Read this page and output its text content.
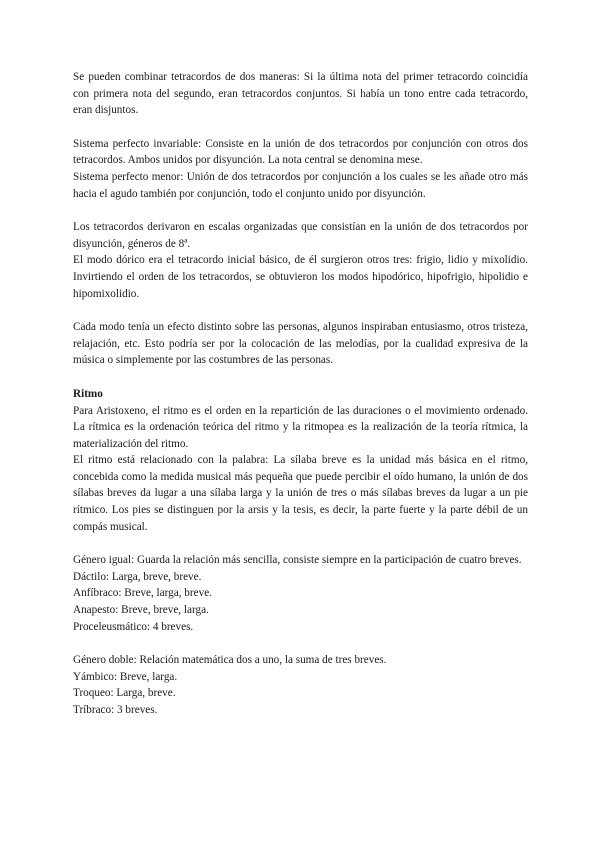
Se pueden combinar tetracordos de dos maneras: Si la última nota del primer tetracordo coincidía con primera nota del segundo, eran tetracordos conjuntos. Si había un tono entre cada tetracordo, eran disjuntos.

Sistema perfecto invariable: Consiste en la unión de dos tetracordos por conjunción con otros dos tetracordos. Ambos unidos por disyunción. La nota central se denomina mese.

Sistema perfecto menor: Unión de dos tetracordos por conjunción a los cuales se les añade otro más hacia el agudo también por conjunción, todo el conjunto unido por disyunción.

Los tetracordos derivaron en escalas organizadas que consistían en la unión de dos tetracordos por disyunción, géneros de 8ª.

El modo dórico era el tetracordo inicial básico, de él surgieron otros tres: frigio, lidio y mixolidio. Invirtiendo el orden de los tetracordos, se obtuvieron los modos hipodórico, hipofrigio, hipolidio e hipomixolidio.

Cada modo tenía un efecto distinto sobre las personas, algunos inspiraban entusiasmo, otros tristeza, relajación, etc. Esto podría ser por la colocación de las melodías, por la cualidad expresiva de la música o simplemente por las costumbres de las personas.

Ritmo

Para Aristoxeno, el ritmo es el orden en la repartición de las duraciones o el movimiento ordenado. La rítmica es la ordenación teórica del ritmo y la ritmopea es la realización de la teoría rítmica, la materialización del ritmo.

El ritmo está relacionado con la palabra: La sílaba breve es la unidad más básica en el ritmo, concebida como la medida musical más pequeña que puede percibir el oído humano, la unión de dos sílabas breves da lugar a una sílaba larga y la unión de tres o más sílabas breves da lugar a un pie rítmico. Los pies se distinguen por la arsis y la tesis, es decir, la parte fuerte y la parte débil de un compás musical.

Género igual: Guarda la relación más sencilla, consiste siempre en la participación de cuatro breves.

Dáctilo: Larga, breve, breve.

Anfíbraco: Breve, larga, breve.

Anapesto: Breve, breve, larga.

Proceleusmático: 4 breves.

Género doble: Relación matemática dos a uno, la suma de tres breves.

Yámbico: Breve, larga.

Troqueo: Larga, breve.

Tríbraco: 3 breves.
